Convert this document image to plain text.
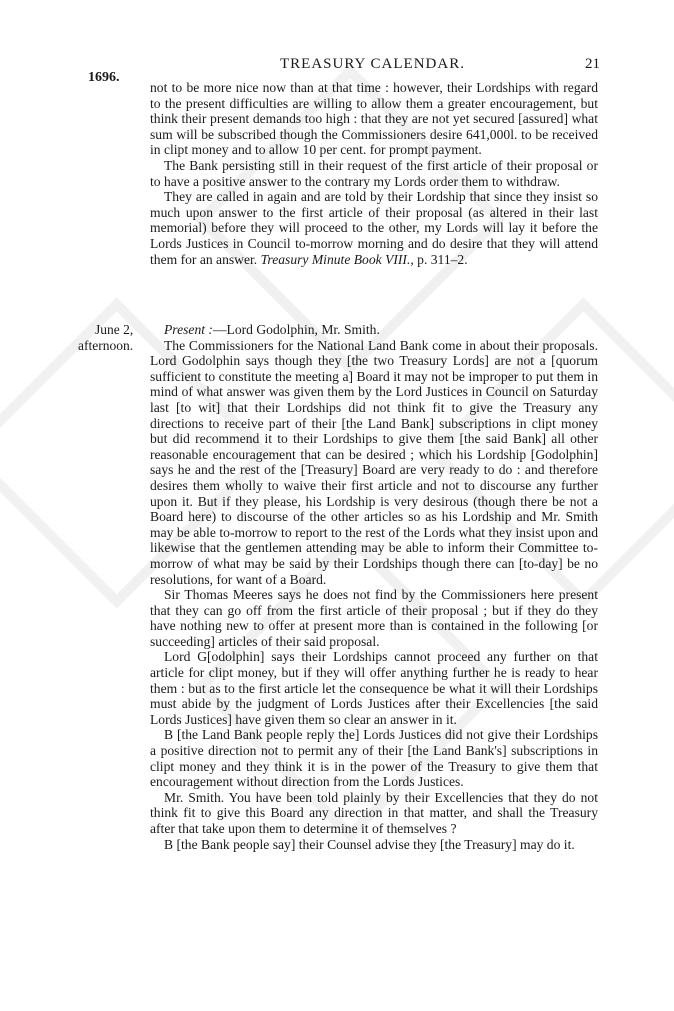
TREASURY CALENDAR.	21
1696.

not to be more nice now than at that time : however, their Lordships with regard to the present difficulties are willing to allow them a greater encouragement, but think their present demands too high : that they are not yet secured [assured] what sum will be subscribed though the Commissioners desire 641,000l. to be received in clipt money and to allow 10 per cent. for prompt payment.

The Bank persisting still in their request of the first article of their proposal or to have a positive answer to the contrary my Lords order them to withdraw.

They are called in again and are told by their Lordship that since they insist so much upon answer to the first article of their proposal (as altered in their last memorial) before they will proceed to the other, my Lords will lay it before the Lords Justices in Council to-morrow morning and do desire that they will attend them for an answer. Treasury Minute Book VIII., p. 311–2.

June 2,
afternoon.

Present :—Lord Godolphin, Mr. Smith.

The Commissioners for the National Land Bank come in about their proposals. Lord Godolphin says though they [the two Treasury Lords] are not a [quorum sufficient to constitute the meeting a] Board it may not be improper to put them in mind of what answer was given them by the Lord Justices in Council on Saturday last [to wit] that their Lordships did not think fit to give the Treasury any directions to receive part of their [the Land Bank] subscriptions in clipt money but did recommend it to their Lordships to give them [the said Bank] all other reasonable encouragement that can be desired ; which his Lordship [Godolphin] says he and the rest of the [Treasury] Board are very ready to do : and therefore desires them wholly to waive their first article and not to discourse any further upon it. But if they please, his Lordship is very desirous (though there be not a Board here) to discourse of the other articles so as his Lordship and Mr. Smith may be able to-morrow to report to the rest of the Lords what they insist upon and likewise that the gentlemen attending may be able to inform their Committee to-morrow of what may be said by their Lordships though there can [to-day] be no resolutions, for want of a Board.

Sir Thomas Meeres says he does not find by the Commissioners here present that they can go off from the first article of their proposal ; but if they do they have nothing new to offer at present more than is contained in the following [or succeeding] articles of their said proposal.

Lord G[odolphin] says their Lordships cannot proceed any further on that article for clipt money, but if they will offer anything further he is ready to hear them : but as to the first article let the consequence be what it will their Lordships must abide by the judgment of Lords Justices after their Excellencies [the said Lords Justices] have given them so clear an answer in it.

B [the Land Bank people reply the] Lords Justices did not give their Lordships a positive direction not to permit any of their [the Land Bank's] subscriptions in clipt money and they think it is in the power of the Treasury to give them that encouragement without direction from the Lords Justices.

Mr. Smith. You have been told plainly by their Excellencies that they do not think fit to give this Board any direction in that matter, and shall the Treasury after that take upon them to determine it of themselves ?

B [the Bank people say] their Counsel advise they [the Treasury] may do it.
